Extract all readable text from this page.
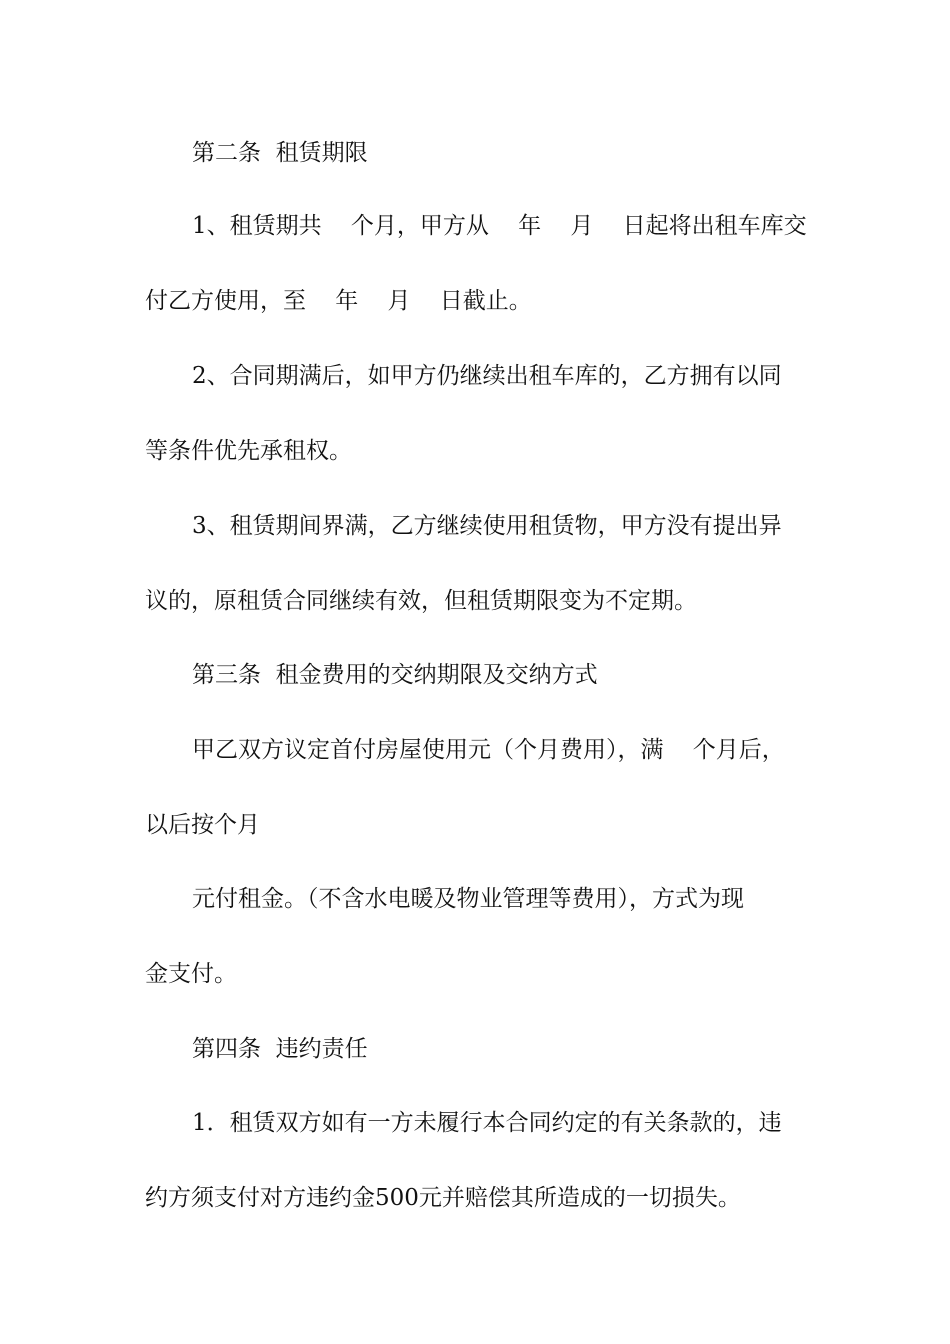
第二条  租赁期限
1、租赁期共    个月，甲方从    年    月    日起将出租车库交
付乙方使用，至    年    月    日截止。
2、合同期满后，如甲方仍继续出租车库的，乙方拥有以同
等条件优先承租权。
3、租赁期间界满，乙方继续使用租赁物，甲方没有提出异
议的，原租赁合同继续有效，但租赁期限变为不定期。
第三条  租金费用的交纳期限及交纳方式
甲乙双方议定首付房屋使用元（个月费用），满    个月后，
以后按个月
元付租金。（不含水电暖及物业管理等费用），方式为现
金支付。
第四条  违约责任
1．租赁双方如有一方未履行本合同约定的有关条款的，违
约方须支付对方违约金500元并赔偿其所造成的一切损失。
